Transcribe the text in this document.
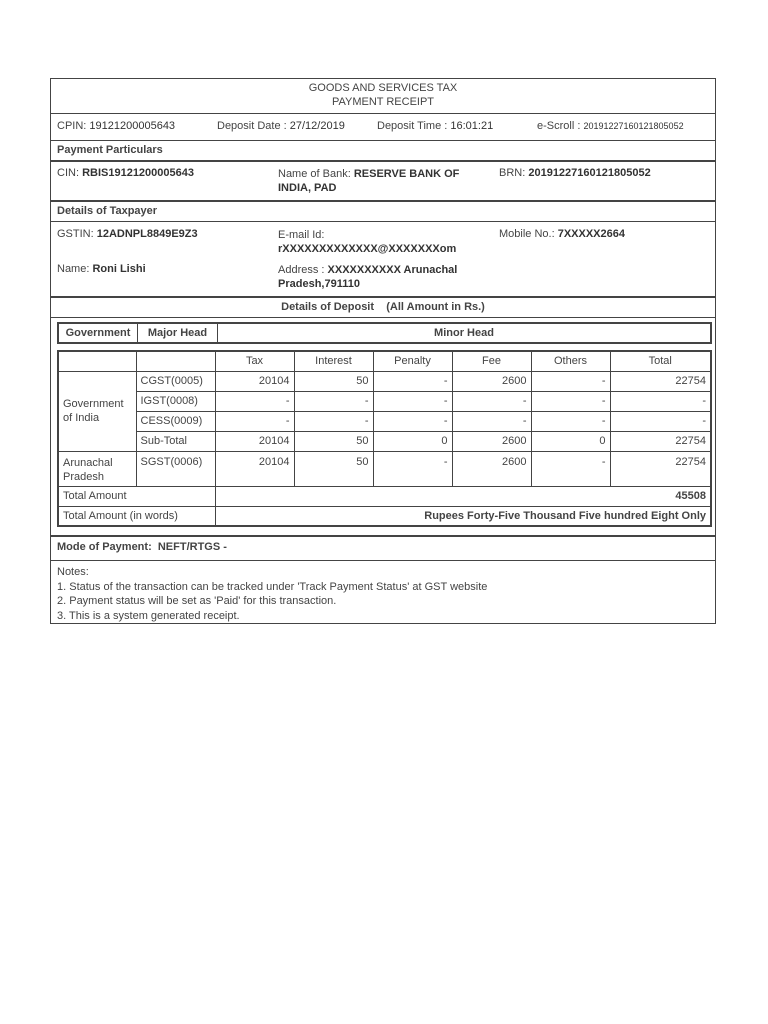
GOODS AND SERVICES TAX
PAYMENT RECEIPT
CPIN: 19121200005643	Deposit Date : 27/12/2019	Deposit Time : 16:01:21	e-Scroll : 20191227160121805052
Payment Particulars
CIN: RBIS19121200005643	Name of Bank: RESERVE BANK OF
INDIA, PAD
BRN: 20191227160121805052
Details of Taxpayer
GSTIN: 12ADNPL8849E9Z3	E-mail Id:
rXXXXXXXXXXXXX@XXXXXXXom
Mobile No.: 7XXXXX2664
Name: Roni Lishi	Address : XXXXXXXXXX Arunachal
Pradesh,791110
Details of Deposit (All Amount in Rs.)
Government	Major Head	Minor Head
		Tax	Interest	Penalty	Fee	Others	Total
Government of India	CGST(0005)	20104	50	-	2600	-	22754
	IGST(0008)	-	-	-	-	-	-
	CESS(0009)	-	-	-	-	-	-
	Sub-Total	20104	50	0	2600	0	22754
Arunachal Pradesh	SGST(0006)	20104	50	-	2600	-	22754
Total Amount		45508					
Total Amount (in words)		Rupees Forty-Five Thousand Five hundred Eight Only					
Mode of Payment: NEFT/RTGS -
Notes:
1. Status of the transaction can be tracked under 'Track Payment Status' at GST website
2. Payment status will be set as 'Paid' for this transaction.
3. This is a system generated receipt.
